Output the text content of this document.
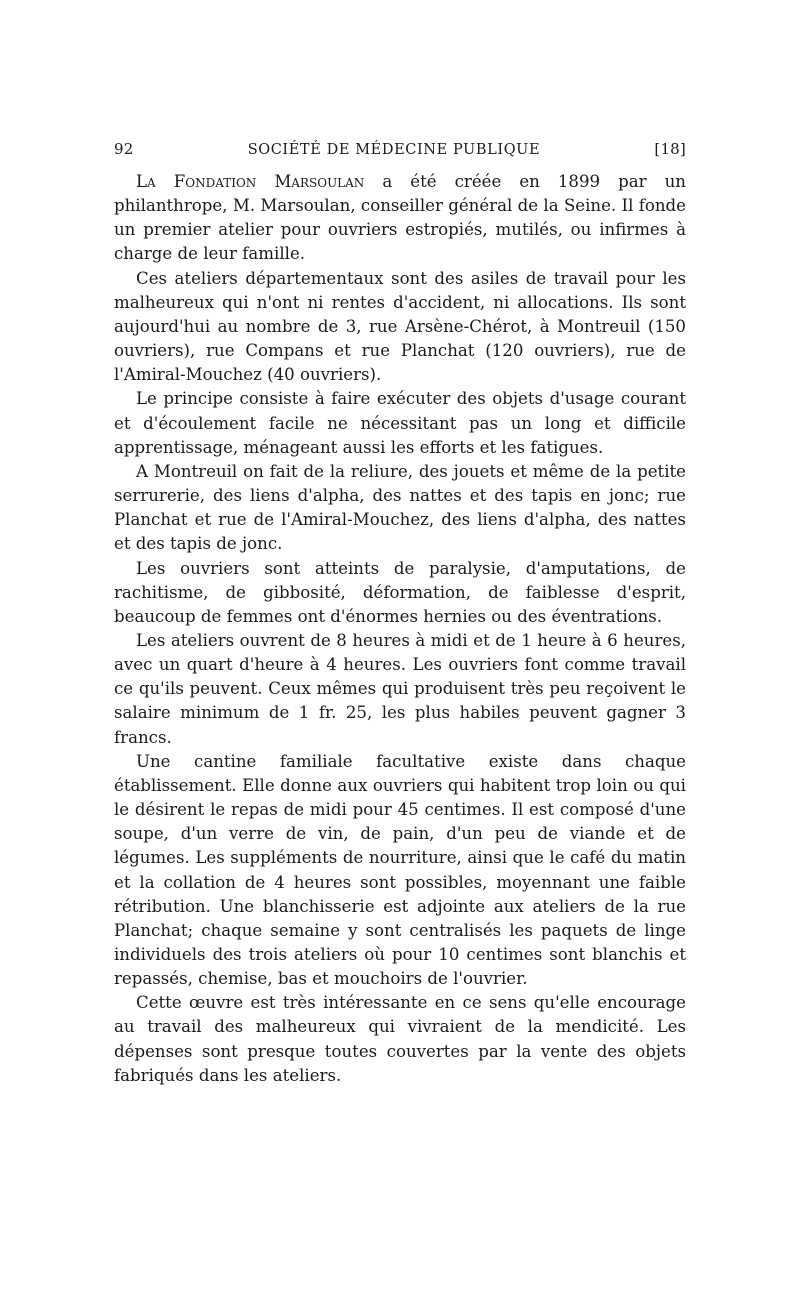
92	SOCIÉTÉ DE MÉDECINE PUBLIQUE	[18]

La Fondation Marsoulan a été créée en 1899 par un philanthrope, M. Marsoulan, conseiller général de la Seine. Il fonde un premier atelier pour ouvriers estropiés, mutilés, ou infirmes à charge de leur famille.

Ces ateliers départementaux sont des asiles de travail pour les malheureux qui n'ont ni rentes d'accident, ni allocations. Ils sont aujourd'hui au nombre de 3, rue Arsène-Chérot, à Montreuil (150 ouvriers), rue Compans et rue Planchat (120 ouvriers), rue de l'Amiral-Mouchez (40 ouvriers).

Le principe consiste à faire exécuter des objets d'usage courant et d'écoulement facile ne nécessitant pas un long et difficile apprentissage, ménageant aussi les efforts et les fatigues.

A Montreuil on fait de la reliure, des jouets et même de la petite serrurerie, des liens d'alpha, des nattes et des tapis en jonc; rue Planchat et rue de l'Amiral-Mouchez, des liens d'alpha, des nattes et des tapis de jonc.

Les ouvriers sont atteints de paralysie, d'amputations, de rachitisme, de gibbosité, déformation, de faiblesse d'esprit, beaucoup de femmes ont d'énormes hernies ou des éventrations.

Les ateliers ouvrent de 8 heures à midi et de 1 heure à 6 heures, avec un quart d'heure à 4 heures. Les ouvriers font comme travail ce qu'ils peuvent. Ceux mêmes qui produisent très peu reçoivent le salaire minimum de 1 fr. 25, les plus habiles peuvent gagner 3 francs.

Une cantine familiale facultative existe dans chaque établissement. Elle donne aux ouvriers qui habitent trop loin ou qui le désirent le repas de midi pour 45 centimes. Il est composé d'une soupe, d'un verre de vin, de pain, d'un peu de viande et de légumes. Les suppléments de nourriture, ainsi que le café du matin et la collation de 4 heures sont possibles, moyennant une faible rétribution. Une blanchisserie est adjointe aux ateliers de la rue Planchat; chaque semaine y sont centralisés les paquets de linge individuels des trois ateliers où pour 10 centimes sont blanchis et repassés, chemise, bas et mouchoirs de l'ouvrier.

Cette œuvre est très intéressante en ce sens qu'elle encourage au travail des malheureux qui vivraient de la mendicité. Les dépenses sont presque toutes couvertes par la vente des objets fabriqués dans les ateliers.
